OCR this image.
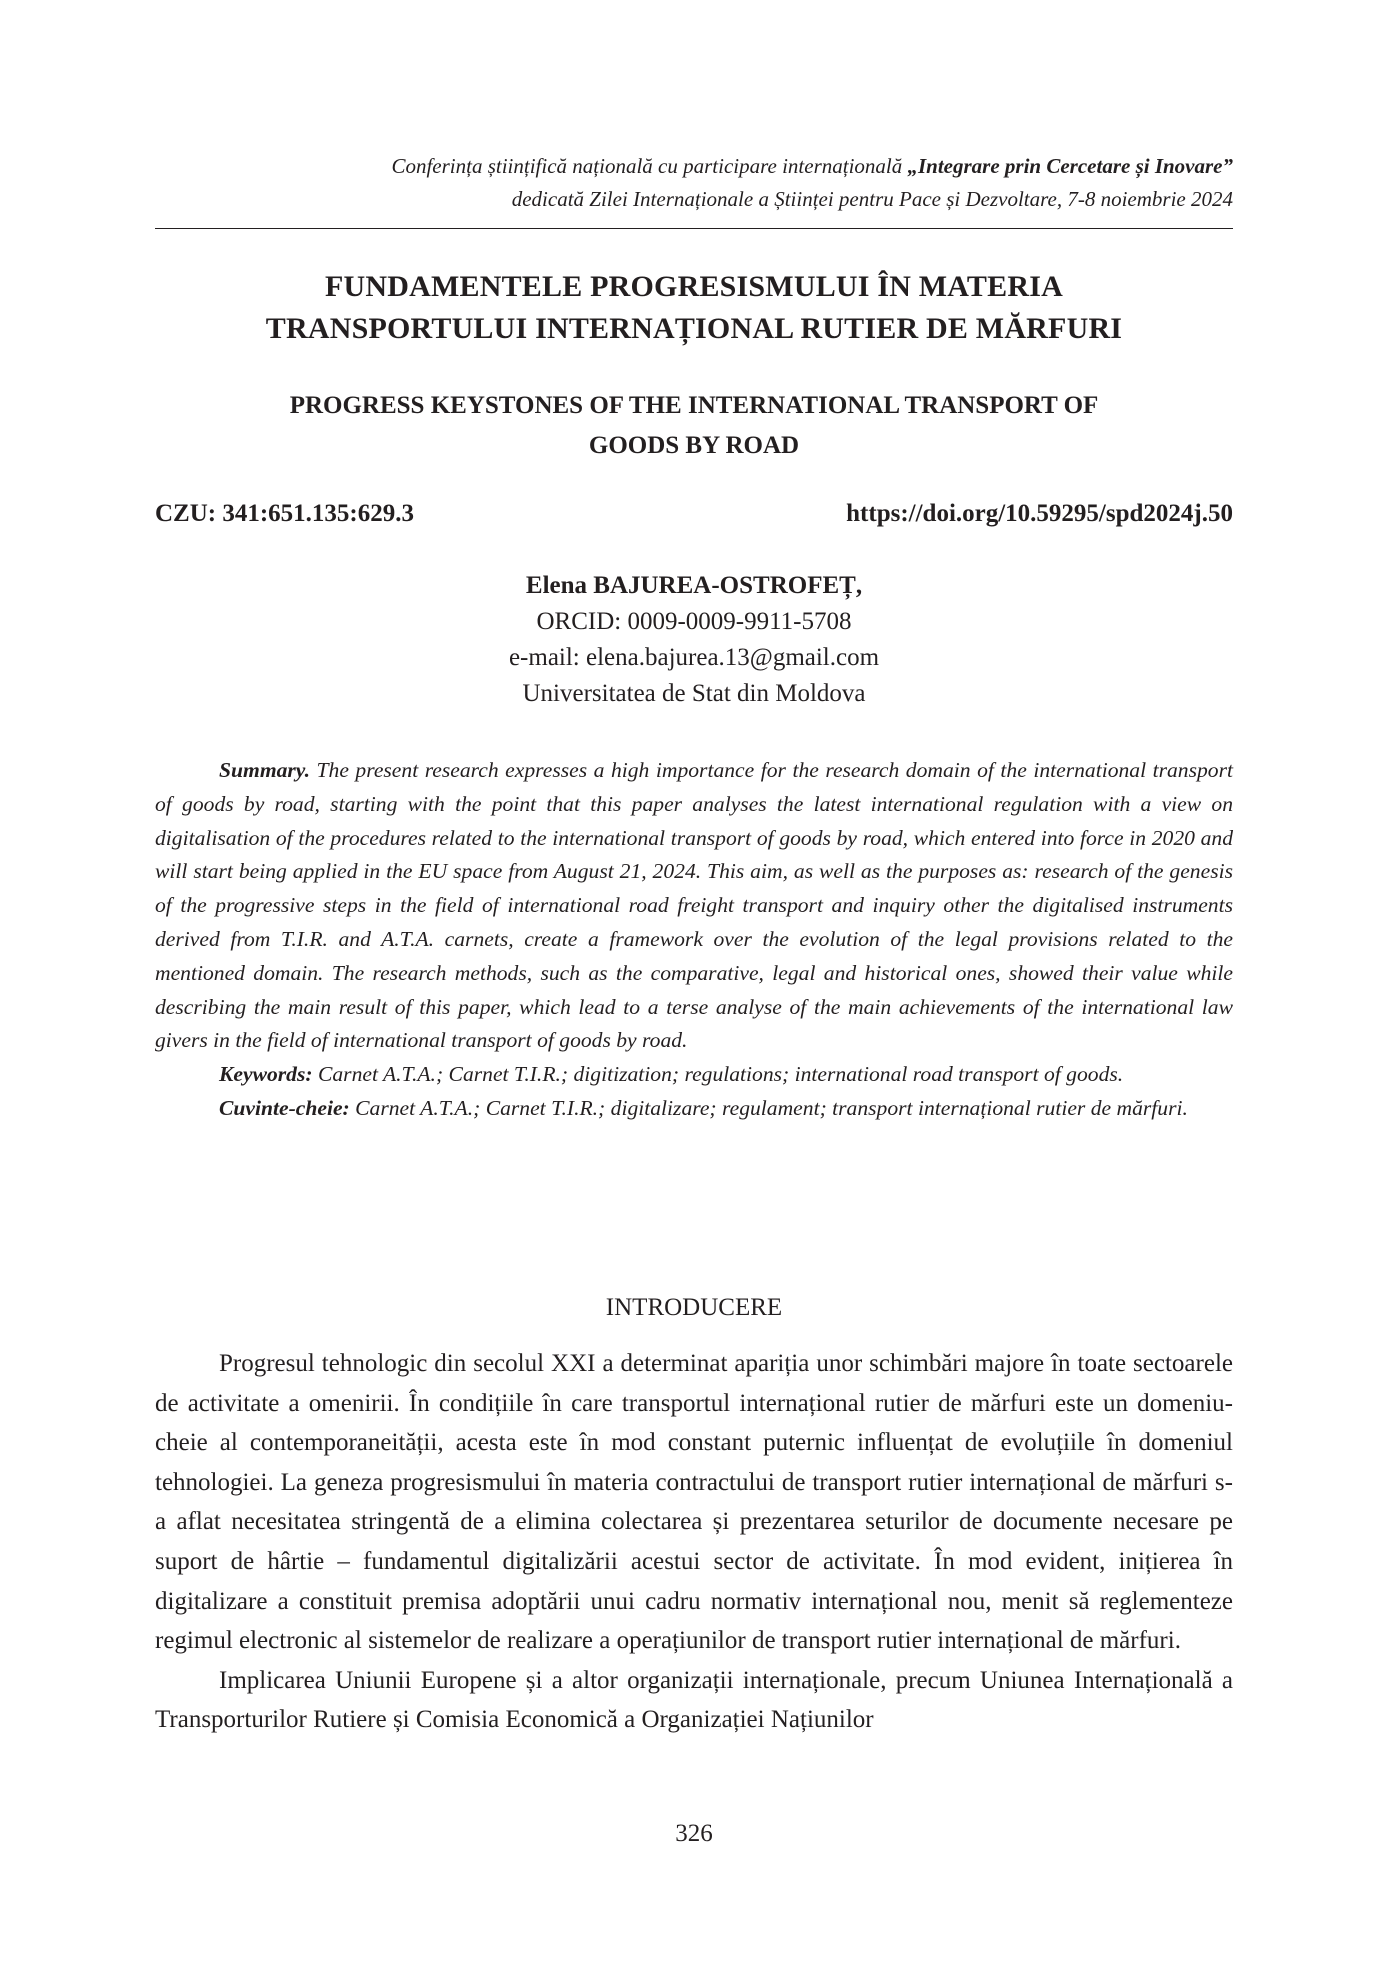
Conferința științifică națională cu participare internațională „Integrare prin Cercetare și Inovare”
dedicată Zilei Internaționale a Științei pentru Pace și Dezvoltare, 7-8 noiembrie 2024
FUNDAMENTELE PROGRESISMULUI ÎN MATERIA
TRANSPORTULUI INTERNAȚIONAL RUTIER DE MĂRFURI
PROGRESS KEYSTONES OF THE INTERNATIONAL TRANSPORT OF
GOODS BY ROAD
CZU: 341:651.135:629.3	https://doi.org/10.59295/spd2024j.50
Elena BAJUREA-OSTROFEȚ,
ORCID: 0009-0009-9911-5708
e-mail: elena.bajurea.13@gmail.com
Universitatea de Stat din Moldova

Summary. The present research expresses a high importance for the research domain of the international transport of goods by road, starting with the point that this paper analyses the latest international regulation with a view on digitalisation of the procedures related to the international transport of goods by road, which entered into force in 2020 and will start being applied in the EU space from August 21, 2024. This aim, as well as the purposes as: research of the genesis of the progressive steps in the field of international road freight transport and inquiry other the digitalised instruments derived from T.I.R. and A.T.A. carnets, create a framework over the evolution of the legal provisions related to the mentioned domain. The research methods, such as the comparative, legal and historical ones, showed their value while describing the main result of this paper, which lead to a terse analyse of the main achievements of the international law givers in the field of international transport of goods by road.

Keywords: Carnet A.T.A.; Carnet T.I.R.; digitization; regulations; international road transport of goods.

Cuvinte-cheie: Carnet A.T.A.; Carnet T.I.R.; digitalizare; regulament; transport internațional rutier de mărfuri.

INTRODUCERE

Progresul tehnologic din secolul XXI a determinat apariția unor schimbări majore în toate sectoarele de activitate a omenirii. În condițiile în care transportul internațional rutier de mărfuri este un domeniu-cheie al contemporaneității, acesta este în mod constant puternic influențat de evoluțiile în domeniul tehnologiei. La geneza progresismului în materia contractului de transport rutier internațional de mărfuri s-a aflat necesitatea stringentă de a elimina colectarea și prezentarea seturilor de documente necesare pe suport de hârtie – fundamentul digitalizării acestui sector de activitate. În mod evident, inițierea în digitalizare a constituit premisa adoptării unui cadru normativ internațional nou, menit să reglementeze regimul electronic al sistemelor de realizare a operațiunilor de transport rutier internațional de mărfuri.

Implicarea Uniunii Europene și a altor organizații internaționale, precum Uniunea Internațională a Transporturilor Rutiere și Comisia Economică a Organizației Națiunilor

326
